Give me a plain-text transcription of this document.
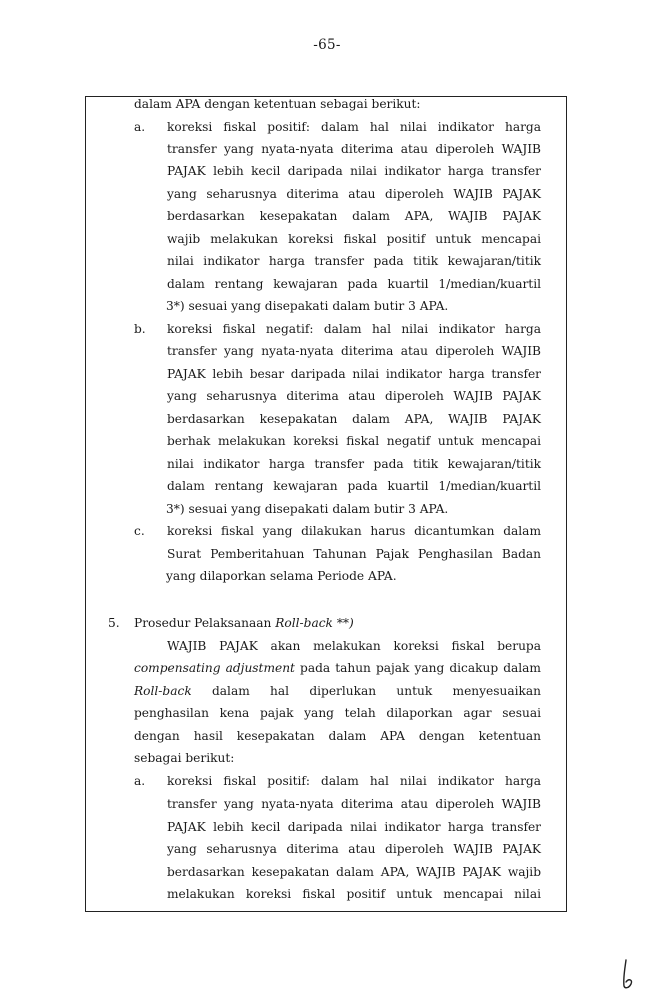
-65-
dalam APA dengan ketentuan sebagai berikut:
a. koreksi fiskal positif: dalam hal nilai indikator harga
transfer yang nyata-nyata diterima atau diperoleh WAJIB
PAJAK lebih kecil daripada nilai indikator harga transfer
yang seharusnya diterima atau diperoleh WAJIB PAJAK
berdasarkan kesepakatan dalam APA, WAJIB PAJAK
wajib melakukan koreksi fiskal positif untuk mencapai
nilai indikator harga transfer pada titik kewajaran/titik
dalam rentang kewajaran pada kuartil 1/median/kuartil
3*) sesuai yang disepakati dalam butir 3 APA.
b. koreksi fiskal negatif: dalam hal nilai indikator harga
transfer yang nyata-nyata diterima atau diperoleh WAJIB
PAJAK lebih besar daripada nilai indikator harga transfer
yang seharusnya diterima atau diperoleh WAJIB PAJAK
berdasarkan kesepakatan dalam APA, WAJIB PAJAK
berhak melakukan koreksi fiskal negatif untuk mencapai
nilai indikator harga transfer pada titik kewajaran/titik
dalam rentang kewajaran pada kuartil 1/median/kuartil
3*) sesuai yang disepakati dalam butir 3 APA.
c. koreksi fiskal yang dilakukan harus dicantumkan dalam
Surat Pemberitahuan Tahunan Pajak Penghasilan Badan
yang dilaporkan selama Periode APA.
5. Prosedur Pelaksanaan Roll-back **)
WAJIB PAJAK akan melakukan koreksi fiskal berupa
compensating adjustment pada tahun pajak yang dicakup dalam
Roll-back dalam hal diperlukan untuk menyesuaikan
penghasilan kena pajak yang telah dilaporkan agar sesuai
dengan hasil kesepakatan dalam APA dengan ketentuan
sebagai berikut:
a. koreksi fiskal positif: dalam hal nilai indikator harga
transfer yang nyata-nyata diterima atau diperoleh WAJIB
PAJAK lebih kecil daripada nilai indikator harga transfer
yang seharusnya diterima atau diperoleh WAJIB PAJAK
berdasarkan kesepakatan dalam APA, WAJIB PAJAK wajib
melakukan koreksi fiskal positif untuk mencapai nilai
